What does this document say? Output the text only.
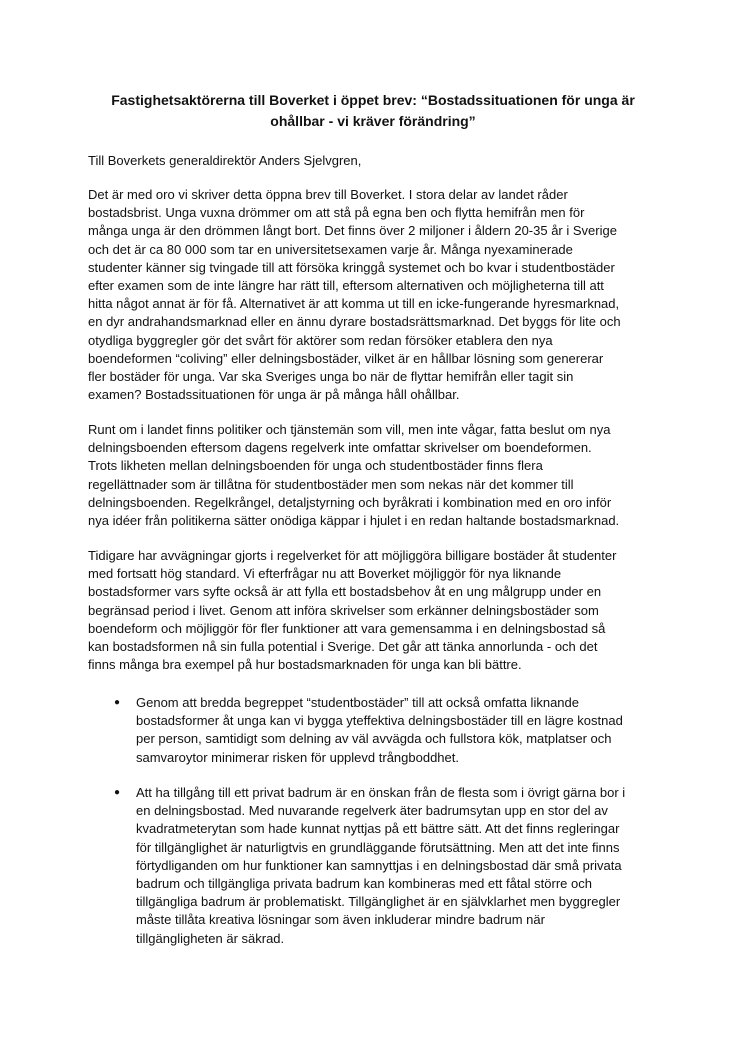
Fastighetsaktörerna till Boverket i öppet brev: “Bostadssituationen för unga är
ohållbar - vi kräver förändring”

Till Boverkets generaldirektör Anders Sjelvgren,

Det är med oro vi skriver detta öppna brev till Boverket. I stora delar av landet råder
bostadsbrist. Unga vuxna drömmer om att stå på egna ben och flytta hemifrån men för
många unga är den drömmen långt bort. Det finns över 2 miljoner i åldern 20-35 år i Sverige
och det är ca 80 000 som tar en universitetsexamen varje år. Många nyexaminerade
studenter känner sig tvingade till att försöka kringgå systemet och bo kvar i studentbostäder
efter examen som de inte längre har rätt till, eftersom alternativen och möjligheterna till att
hitta något annat är för få. Alternativet är att komma ut till en icke-fungerande hyresmarknad,
en dyr andrahandsmarknad eller en ännu dyrare bostadsrättsmarknad. Det byggs för lite och
otydliga byggregler gör det svårt för aktörer som redan försöker etablera den nya
boendeformen “coliving” eller delningsbostäder, vilket är en hållbar lösning som genererar
fler bostäder för unga. Var ska Sveriges unga bo när de flyttar hemifrån eller tagit sin
examen? Bostadssituationen för unga är på många håll ohållbar.

Runt om i landet finns politiker och tjänstemän som vill, men inte vågar, fatta beslut om nya
delningsboenden eftersom dagens regelverk inte omfattar skrivelser om boendeformen.
Trots likheten mellan delningsboenden för unga och studentbostäder finns flera
regellättnader som är tillåtna för studentbostäder men som nekas när det kommer till
delningsboenden. Regelkrångel, detaljstyrning och byråkrati i kombination med en oro inför
nya idéer från politikerna sätter onödiga käppar i hjulet i en redan haltande bostadsmarknad.

Tidigare har avvägningar gjorts i regelverket för att möjliggöra billigare bostäder åt studenter
med fortsatt hög standard. Vi efterfrågar nu att Boverket möjliggör för nya liknande
bostadsformer vars syfte också är att fylla ett bostadsbehov åt en ung målgrupp under en
begränsad period i livet. Genom att införa skrivelser som erkänner delningsbostäder som
boendeform och möjliggör för fler funktioner att vara gemensamma i en delningsbostad så
kan bostadsformen nå sin fulla potential i Sverige. Det går att tänka annorlunda - och det
finns många bra exempel på hur bostadsmarknaden för unga kan bli bättre.

● Genom att bredda begreppet “studentbostäder” till att också omfatta liknande
bostadsformer åt unga kan vi bygga yteffektiva delningsbostäder till en lägre kostnad
per person, samtidigt som delning av väl avvägda och fullstora kök, matplatser och
samvaroytor minimerar risken för upplevd trångboddhet.
● Att ha tillgång till ett privat badrum är en önskan från de flesta som i övrigt gärna bor i
en delningsbostad. Med nuvarande regelverk äter badrumsytan upp en stor del av
kvadratmeterytan som hade kunnat nyttjas på ett bättre sätt. Att det finns regleringar
för tillgänglighet är naturligtvis en grundläggande förutsättning. Men att det inte finns
förtydliganden om hur funktioner kan samnyttjas i en delningsbostad där små privata
badrum och tillgängliga privata badrum kan kombineras med ett fåtal större och
tillgängliga badrum är problematiskt. Tillgänglighet är en självklarhet men byggregler
måste tillåta kreativa lösningar som även inkluderar mindre badrum när
tillgängligheten är säkrad.
